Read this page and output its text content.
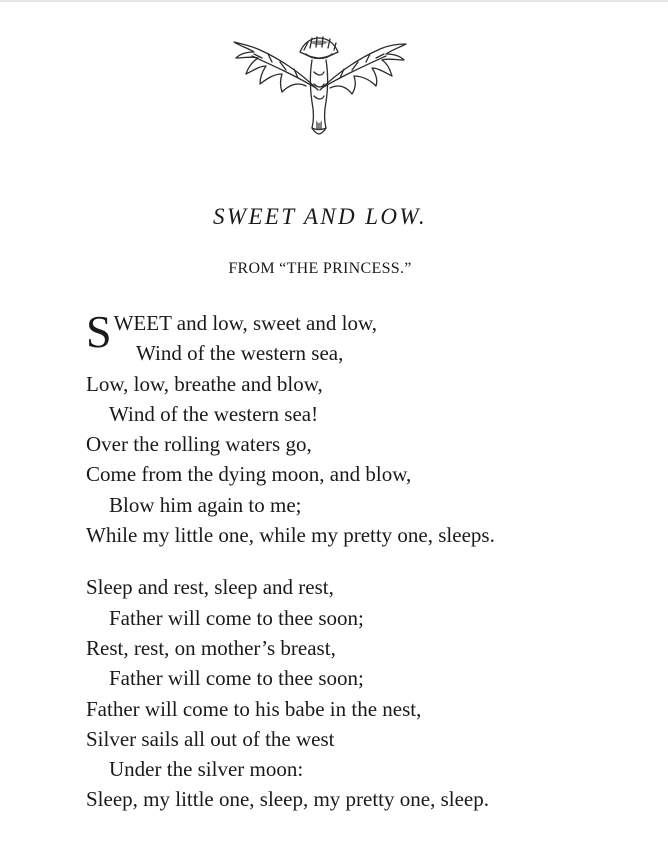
SWEET AND LOW.
FROM “THE PRINCESS.”
SWEET and low, sweet and low,
Wind of the western sea,
Low, low, breathe and blow,
Wind of the western sea!
Over the rolling waters go,
Come from the dying moon, and blow,
Blow him again to me;
While my little one, while my pretty one, sleeps.
Sleep and rest, sleep and rest,
Father will come to thee soon;
Rest, rest, on mother’s breast,
Father will come to thee soon;
Father will come to his babe in the nest,
Silver sails all out of the west
Under the silver moon:
Sleep, my little one, sleep, my pretty one, sleep.
